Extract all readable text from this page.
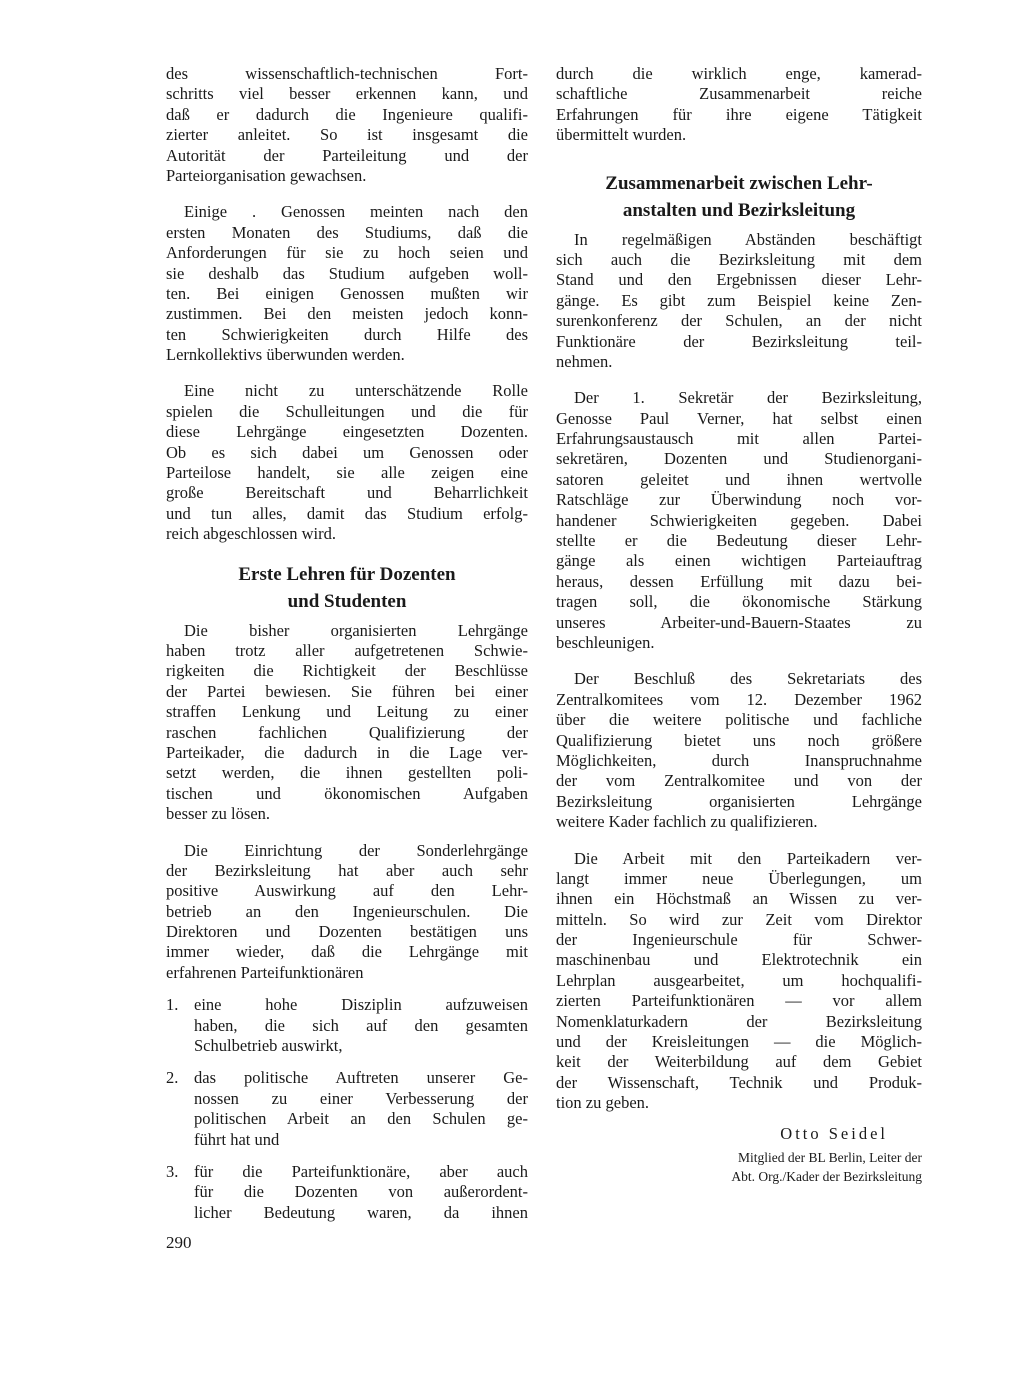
des wissenschaftlich-technischen Fort-
schritts viel besser erkennen kann, und
daß er dadurch die Ingenieure qualifi-
zierter anleitet. So ist insgesamt die
Autorität der Parteileitung und der
Parteiorganisation gewachsen.
Einige . Genossen meinten nach den
ersten Monaten des Studiums, daß die
Anforderungen für sie zu hoch seien und
sie deshalb das Studium aufgeben woll-
ten. Bei einigen Genossen mußten wir
zustimmen. Bei den meisten jedoch konn-
ten Schwierigkeiten durch Hilfe des
Lernkollektivs überwunden werden.
Eine nicht zu unterschätzende Rolle
spielen die Schulleitungen und die für
diese Lehrgänge eingesetzten Dozenten.
Ob es sich dabei um Genossen oder
Parteilose handelt, sie alle zeigen eine
große Bereitschaft und Beharrlichkeit
und tun alles, damit das Studium erfolg-
reich abgeschlossen wird.
Erste Lehren für Dozenten
und Studenten
Die bisher organisierten Lehrgänge
haben trotz aller aufgetretenen Schwie-
rigkeiten die Richtigkeit der Beschlüsse
der Partei bewiesen. Sie führen bei einer
straffen Lenkung und Leitung zu einer
raschen fachlichen Qualifizierung der
Parteikader, die dadurch in die Lage ver-
setzt werden, die ihnen gestellten poli-
tischen und ökonomischen Aufgaben
besser zu lösen.
Die Einrichtung der Sonderlehrgänge
der Bezirksleitung hat aber auch sehr
positive Auswirkung auf den Lehr-
betrieb an den Ingenieurschulen. Die
Direktoren und Dozenten bestätigen uns
immer wieder, daß die Lehrgänge mit
erfahrenen Parteifunktionären
1. eine hohe Disziplin aufzuweisen
haben, die sich auf den gesamten
Schulbetrieb auswirkt,
2. das politische Auftreten unserer Ge-
nossen zu einer Verbesserung der
politischen Arbeit an den Schulen ge-
führt hat und
3. für die Parteifunktionäre, aber auch
für die Dozenten von außerordent-
licher Bedeutung waren, da ihnen
durch die wirklich enge, kamerad-
schaftliche Zusammenarbeit reiche
Erfahrungen für ihre eigene Tätigkeit
übermittelt wurden.
Zusammenarbeit zwischen Lehr-
anstalten und Bezirksleitung
In regelmäßigen Abständen beschäftigt
sich auch die Bezirksleitung mit dem
Stand und den Ergebnissen dieser Lehr-
gänge. Es gibt zum Beispiel keine Zen-
surenkonferenz der Schulen, an der nicht
Funktionäre der Bezirksleitung teil-
nehmen.
Der 1. Sekretär der Bezirksleitung,
Genosse Paul Verner, hat selbst einen
Erfahrungsaustausch mit allen Partei-
sekretären, Dozenten und Studienorgani-
satoren geleitet und ihnen wertvolle
Ratschläge zur Überwindung noch vor-
handener Schwierigkeiten gegeben. Dabei
stellte er die Bedeutung dieser Lehr-
gänge als einen wichtigen Parteiauftrag
heraus, dessen Erfüllung mit dazu bei-
tragen soll, die ökonomische Stärkung
unseres Arbeiter-und-Bauern-Staates zu
beschleunigen.
Der Beschluß des Sekretariats des
Zentralkomitees vom 12. Dezember 1962
über die weitere politische und fachliche
Qualifizierung bietet uns noch größere
Möglichkeiten, durch Inanspruchnahme
der vom Zentralkomitee und von der
Bezirksleitung organisierten Lehrgänge
weitere Kader fachlich zu qualifizieren.
Die Arbeit mit den Parteikadern ver-
langt immer neue Überlegungen, um
ihnen ein Höchstmaß an Wissen zu ver-
mitteln. So wird zur Zeit vom Direktor
der Ingenieurschule für Schwer-
maschinenbau und Elektrotechnik ein
Lehrplan ausgearbeitet, um hochqualifi-
zierten Parteifunktionären — vor allem
Nomenklaturkadern der Bezirksleitung
und der Kreisleitungen — die Möglich-
keit der Weiterbildung auf dem Gebiet
der Wissenschaft, Technik und Produk-
tion zu geben.
Otto Seidel
Mitglied der BL Berlin, Leiter der
Abt. Org./Kader der Bezirksleitung
290
